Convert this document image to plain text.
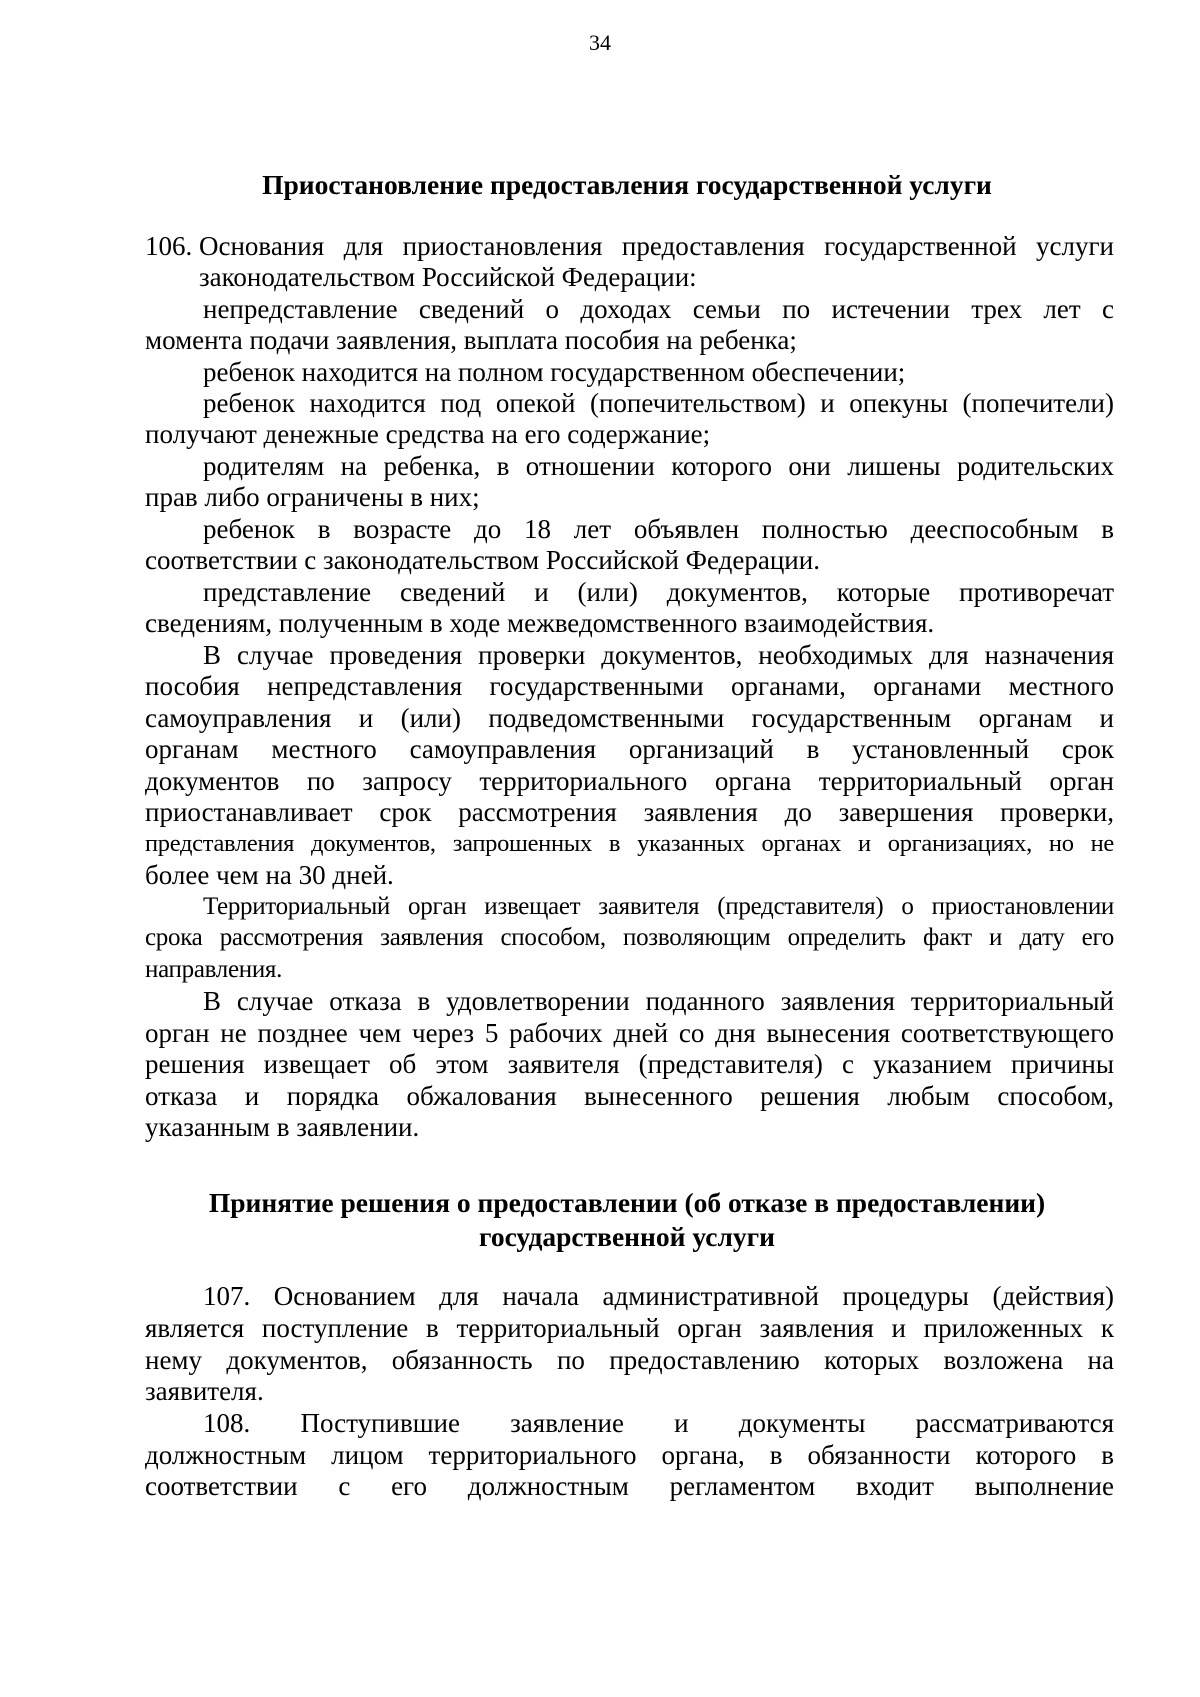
34
Приостановление предоставления государственной услуги
106. Основания для приостановления предоставления государственной услуги
законодательством Российской Федерации:
непредставление сведений о доходах семьи по истечении трех лет с
момента подачи заявления, выплата пособия на ребенка;
ребенок находится на полном государственном обеспечении;
ребенок находится под опекой (попечительством) и опекуны (попечители)
получают денежные средства на его содержание;
родителям на ребенка, в отношении которого они лишены родительских
прав либо ограничены в них;
ребенок в возрасте до 18 лет объявлен полностью дееспособным в
соответствии с законодательством Российской Федерации.
представление сведений и (или) документов, которые противоречат
сведениям, полученным в ходе межведомственного взаимодействия.
В случае проведения проверки документов, необходимых для назначения
пособия непредставления государственными органами, органами местного
самоуправления и (или) подведомственными государственным органам и
органам местного самоуправления организаций в установленный срок
документов по запросу территориального органа территориальный орган
приостанавливает срок рассмотрения заявления до завершения проверки,
представления документов, запрошенных в указанных органах и организациях, но не
более чем на 30 дней.
Территориальный орган извещает заявителя (представителя) о приостановлении
срока рассмотрения заявления способом, позволяющим определить факт и дату его
направления.
В случае отказа в удовлетворении поданного заявления территориальный
орган не позднее чем через 5 рабочих дней со дня вынесения соответствующего
решения извещает об этом заявителя (представителя) с указанием причины
отказа и порядка обжалования вынесенного решения любым способом,
указанным в заявлении.
Принятие решения о предоставлении (об отказе в предоставлении)
государственной услуги
107. Основанием для начала административной процедуры (действия)
является поступление в территориальный орган заявления и приложенных к
нему документов, обязанность по предоставлению которых возложена на
заявителя.
108. Поступившие заявление и документы рассматриваются
должностным лицом территориального органа, в обязанности которого в
соответствии с его должностным регламентом входит выполнение
